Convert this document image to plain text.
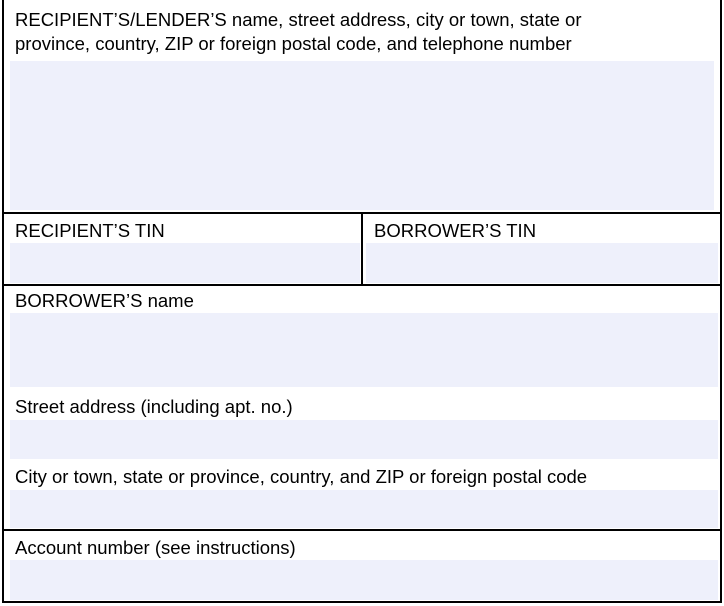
RECIPIENT’S/LENDER’S name, street address, city or town, state or
province, country, ZIP or foreign postal code, and telephone number
RECIPIENT’S TIN	BORROWER’S TIN
BORROWER’S name
Street address (including apt. no.)
City or town, state or province, country, and ZIP or foreign postal code
Account number (see instructions)
